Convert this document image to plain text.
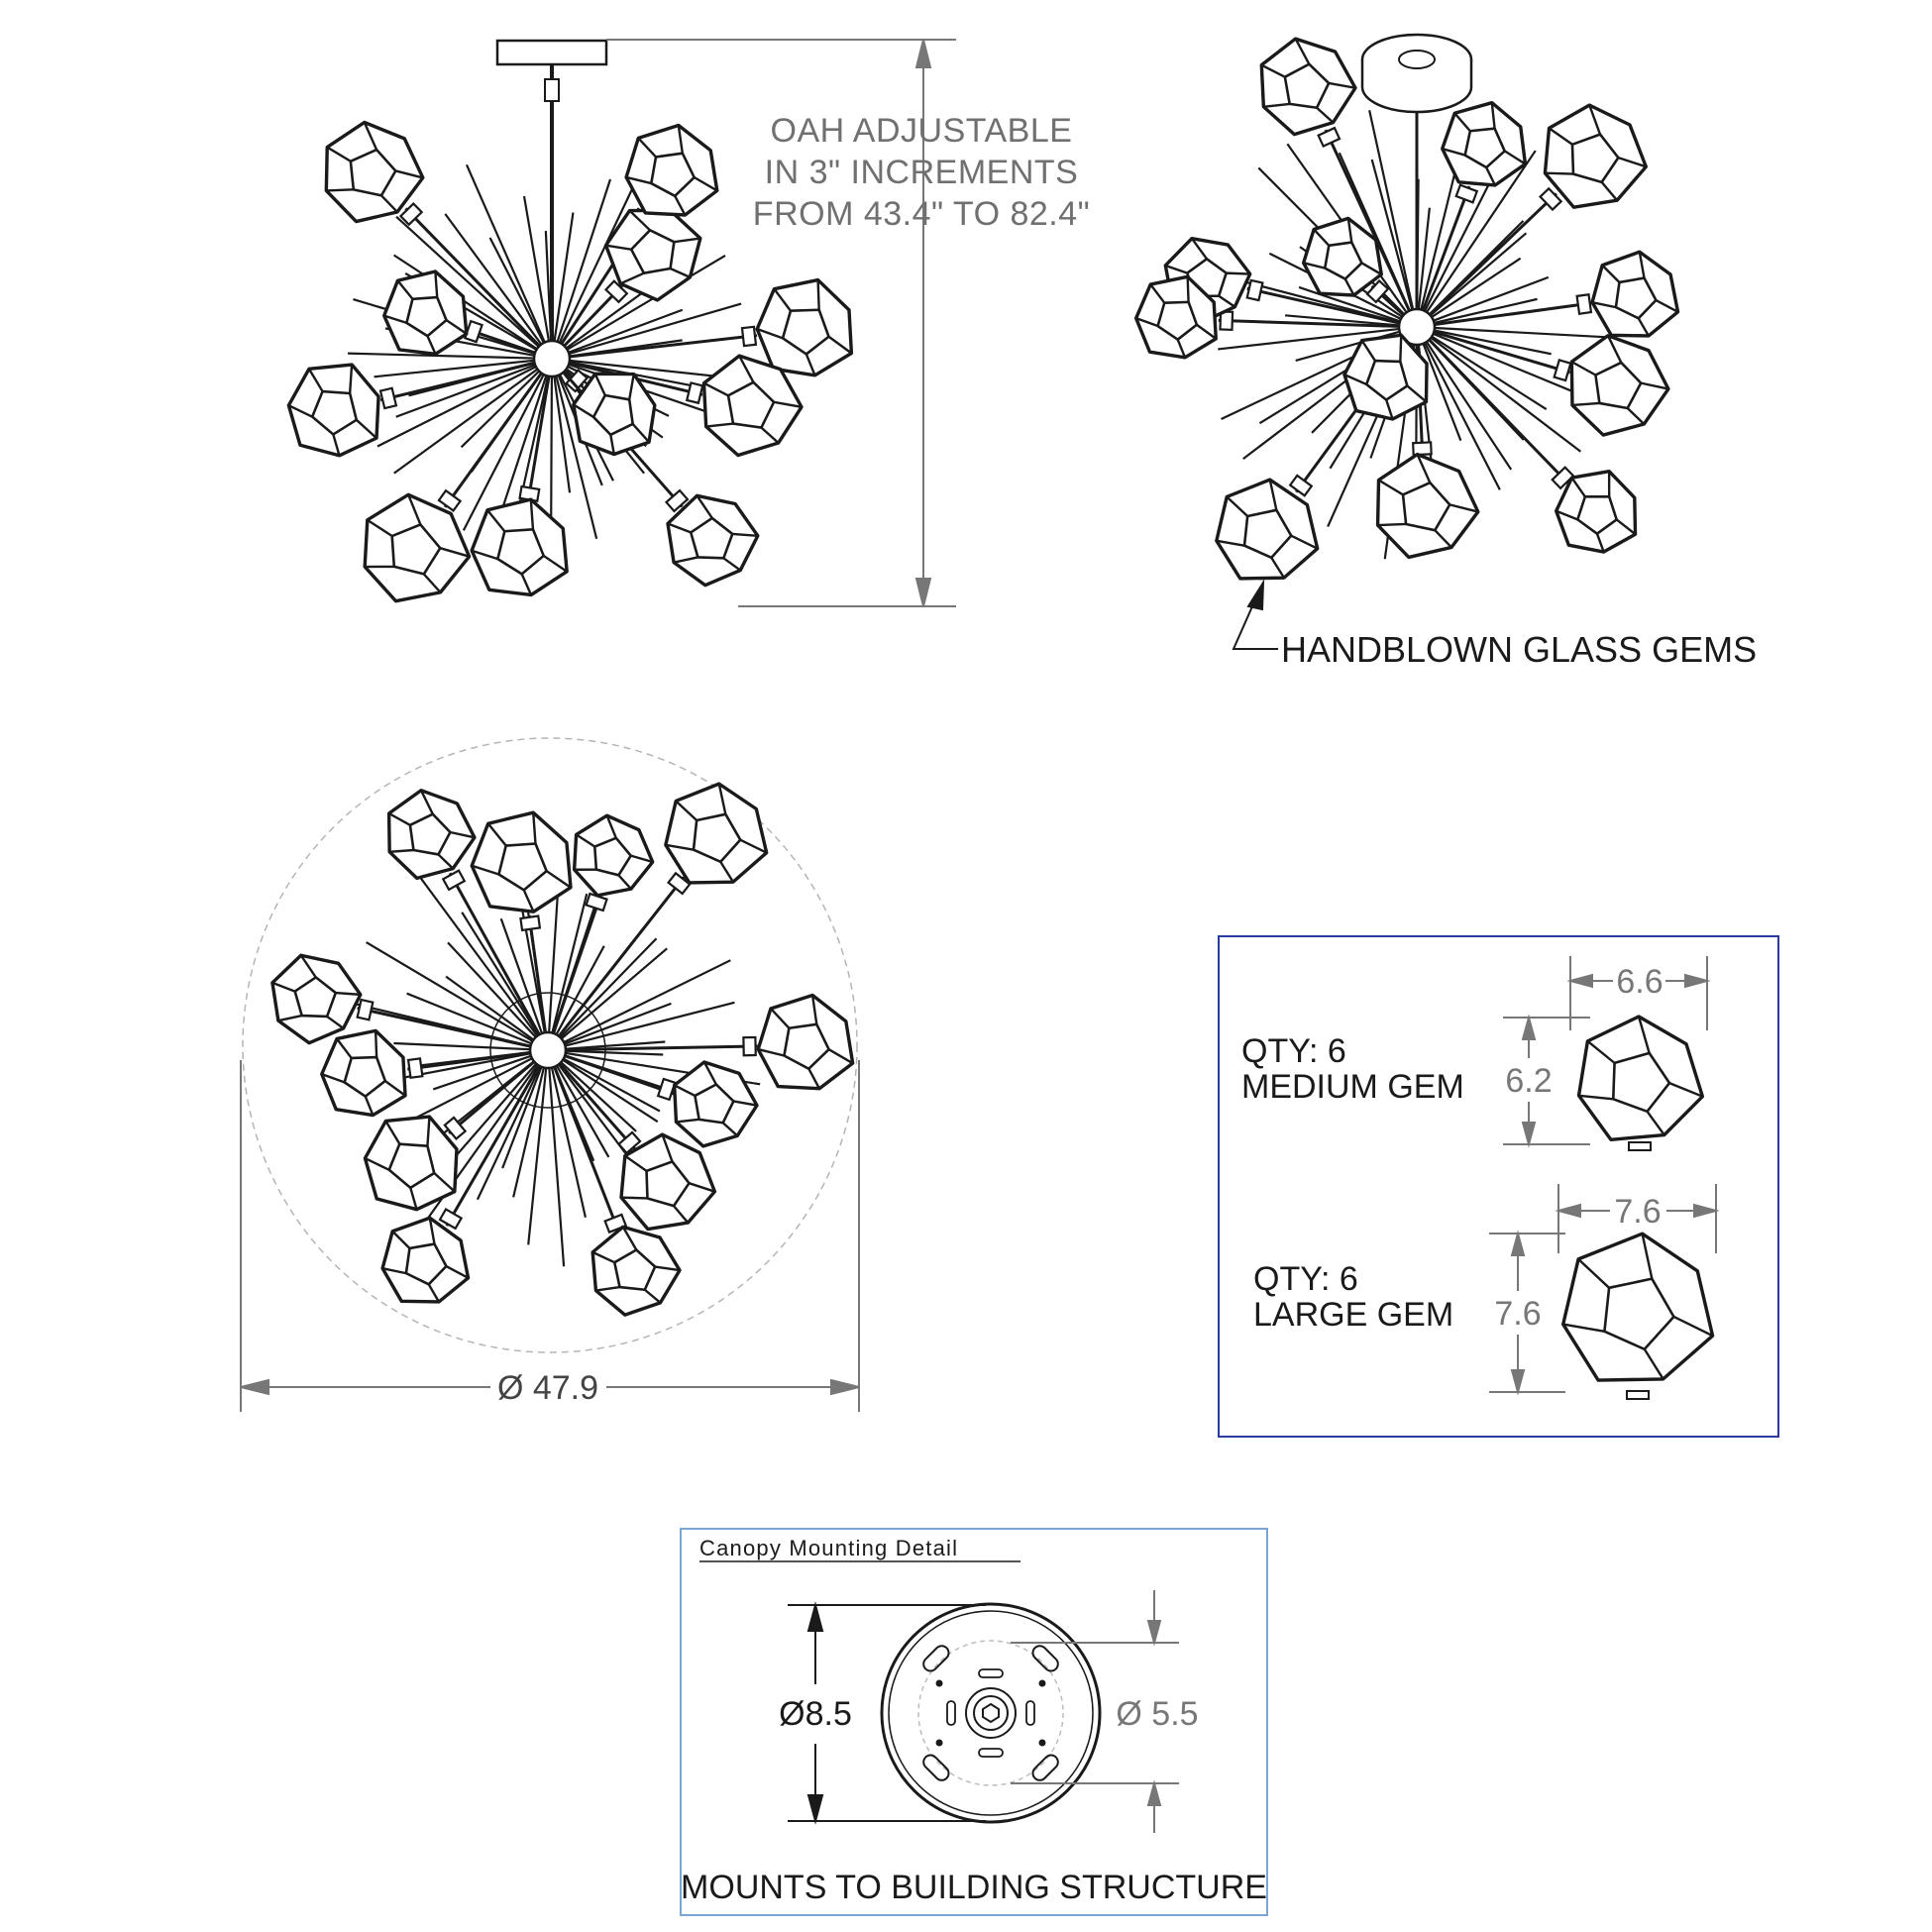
OAH ADJUSTABLE
IN 3" INCREMENTS
FROM 43.4" TO 82.4"
HANDBLOWN GLASS GEMS
Ø 47.9
QTY: 6
MEDIUM GEM
6.6
6.2
QTY: 6
LARGE GEM
7.6
7.6
Canopy Mounting Detail
Ø8.5	Ø 5.5
MOUNTS TO BUILDING STRUCTURE
